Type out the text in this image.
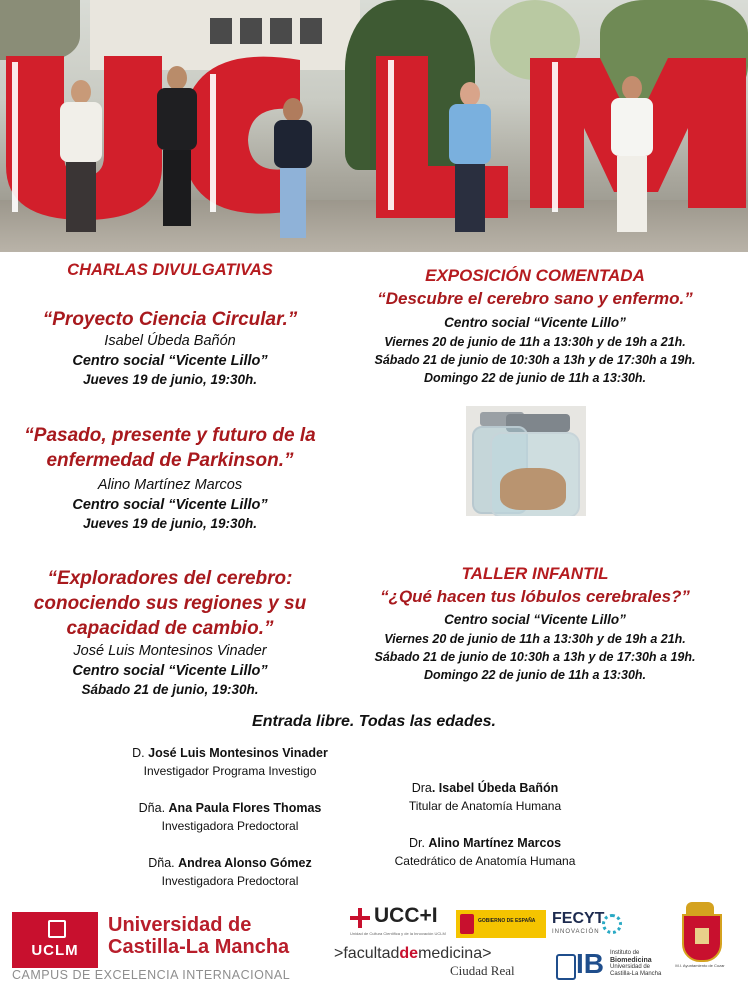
CHARLAS DIVULGATIVAS
“Proyecto Ciencia Circular.”
Isabel Úbeda Bañón
Centro social “Vicente Lillo”
Jueves 19 de junio, 19:30h.
“Pasado, presente y futuro de la
enfermedad de Parkinson.”
Alino Martínez Marcos
Centro social “Vicente Lillo”
Jueves 19 de junio, 19:30h.
“Exploradores del cerebro:
conociendo sus regiones y su
capacidad de cambio.”
José Luis Montesinos Vinader
Centro social “Vicente Lillo”
Sábado 21 de junio, 19:30h.
EXPOSICIÓN COMENTADA
“Descubre el cerebro sano y enfermo.”
Centro social “Vicente Lillo”
Viernes 20 de junio de 11h a 13:30h y de 19h a 21h.
Sábado 21 de junio de 10:30h a 13h y de 17:30h a 19h.
Domingo 22 de junio de 11h a 13:30h.
TALLER INFANTIL
“¿Qué hacen tus lóbulos cerebrales?”
Centro social “Vicente Lillo”
Viernes 20 de junio de 11h a 13:30h y de 19h a 21h.
Sábado 21 de junio de 10:30h a 13h y de 17:30h a 19h.
Domingo 22 de junio de 11h a 13:30h.
Entrada libre. Todas las edades.
D. José Luis Montesinos Vinader
Investigador Programa Investigo
Dña. Ana Paula Flores Thomas
Investigadora Predoctoral
Dña. Andrea Alonso Gómez
Investigadora Predoctoral
Dra. Isabel Úbeda Bañón
Titular de Anatomía Humana
Dr. Alino Martínez Marcos
Catedrático de Anatomía Humana
UCLM
Universidad de
Castilla-La Mancha
CAMPUS DE EXCELENCIA INTERNACIONAL
UCC+I
Unidad de Cultura Científica y de la Innovación UCLM
GOBIERNO DE ESPAÑA	FECYT
INNOVACIÓN
>facultaddemedicina>
Ciudad Real IB Instituto de
Biomedicina
Universidad de
Castilla-La Mancha
M.I. Ayuntamiento de Cozar
